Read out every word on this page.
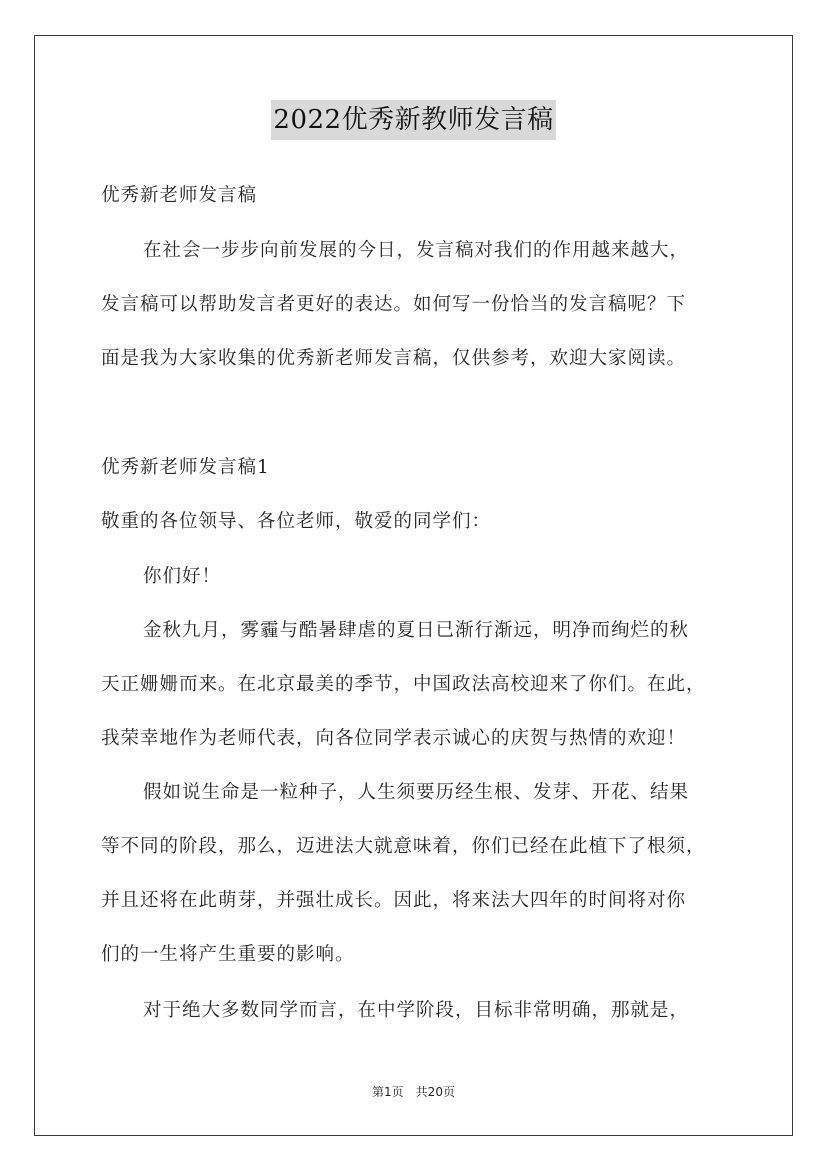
2022优秀新教师发言稿
优秀新老师发言稿
在社会一步步向前发展的今日，发言稿对我们的作用越来越大，
发言稿可以帮助发言者更好的表达。如何写一份恰当的发言稿呢？下
面是我为大家收集的优秀新老师发言稿，仅供参考，欢迎大家阅读。
优秀新老师发言稿1
敬重的各位领导、各位老师，敬爱的同学们：
你们好！
金秋九月，雾霾与酷暑肆虐的夏日已渐行渐远，明净而绚烂的秋
天正姗姗而来。在北京最美的季节，中国政法高校迎来了你们。在此，
我荣幸地作为老师代表，向各位同学表示诚心的庆贺与热情的欢迎！
假如说生命是一粒种子，人生须要历经生根、发芽、开花、结果
等不同的阶段，那么，迈进法大就意味着，你们已经在此植下了根须，
并且还将在此萌芽，并强壮成长。因此，将来法大四年的时间将对你
们的一生将产生重要的影响。
对于绝大多数同学而言，在中学阶段，目标非常明确，那就是，
第1页　共20页
